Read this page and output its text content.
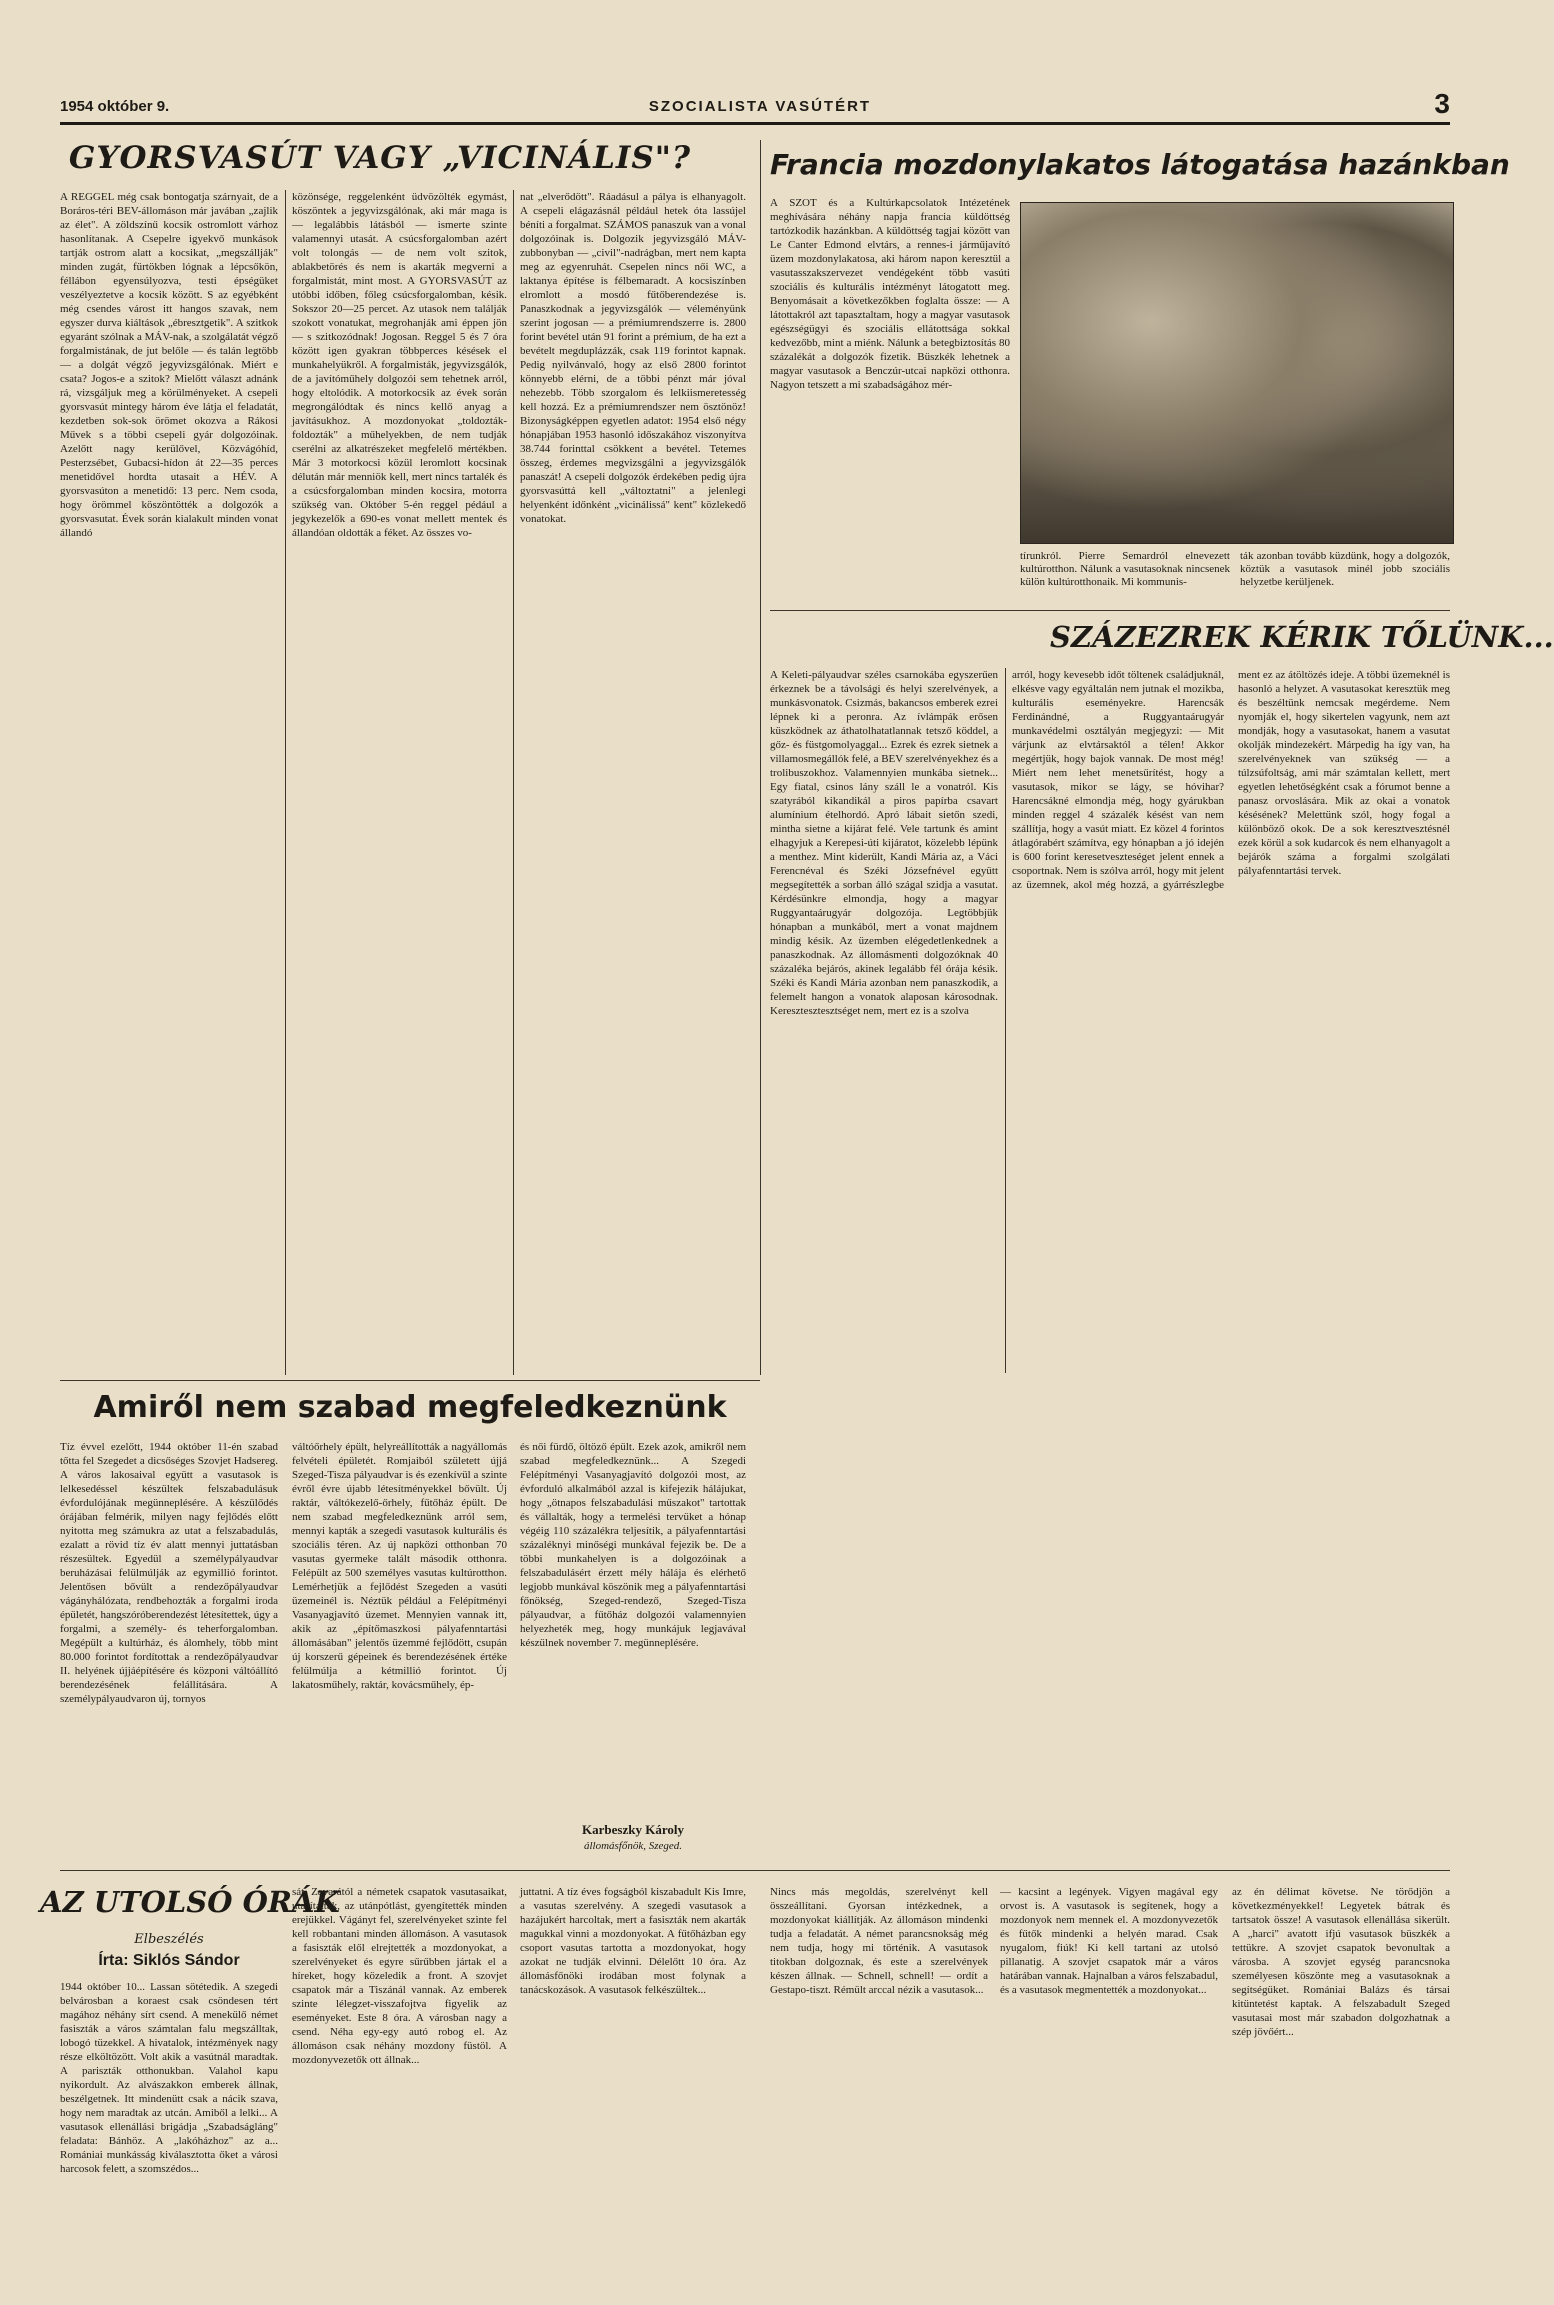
1954 október 9.	SZOCIALISTA VASÚTÉRT	3
GYORSVASÚT VAGY „VICINÁLIS"?
A REGGEL még csak bontogatja szárnyait, de a Boráros-téri BEV-állomáson már javában „zajlik az élet". A zöldszínű kocsik ostromlott várhoz hasonlítanak. A Csepelre igyekvő munkások tartják ostrom alatt a kocsikat, „megszállják" minden zugát, fürtökben lógnak a lépcsőkön, féllábon egyensúlyozva, testi épségüket veszélyeztetve a kocsik között. S az egyébként még csendes várost itt hangos szavak, nem egyszer durva kiáltások „ébresztgetik". A szitkok egyaránt szólnak a MÁV-nak, a szolgálatát végző forgalmistának, de jut belőle — és talán legtöbb — a dolgát végző jegyvizsgálónak. Miért e csata? Jogos-e a szitok? Mielőtt választ adnánk rá, vizsgáljuk meg a körülményeket. A csepeli gyorsvasút mintegy három éve látja el feladatát, kezdetben sok-sok örömet okozva a Rákosi Művek s a többi csepeli gyár dolgozóinak. Azelőtt nagy kerülővel, Közvágóhíd, Pesterzsébet, Gubacsi-hídon át 22—35 perces menetidővel hordta utasait a HÉV. A gyorsvasúton a menetidő: 13 perc. Nem csoda, hogy örömmel köszöntötték a dolgozók a gyorsvasutat. Évek során kialakult minden vonat állandó
közönsége, reggelenként üdvözölték egymást, köszöntek a jegyvizsgálónak, aki már maga is — legalábbis látásból — ismerte szinte valamennyi utasát. A csúcsforgalomban azért volt tolongás — de nem volt szitok, ablakbetörés és nem is akarták megverni a forgalmistát, mint most. A GYORSVASÚT az utóbbi időben, főleg csúcsforgalomban, késik. Sokszor 20—25 percet. Az utasok nem találják szokott vonatukat, megrohanják ami éppen jön — s szitkozódnak! Jogosan. Reggel 5 és 7 óra között igen gyakran többperces késések el munkahelyükről. A forgalmisták, jegyvizsgálók, de a javítóműhely dolgozói sem tehetnek arról, hogy eltolódik. A motorkocsik az évek során megrongálódtak és nincs kellő anyag a javításukhoz. A mozdonyokat „toldozták-foldozták" a műhelyekben, de nem tudják cserélni az alkatrészeket megfelelő mértékben. Már 3 motorkocsi közül leromlott kocsinak délután már menniök kell, mert nincs tartalék és a csúcsforgalomban minden kocsira, motorra szükség van. Október 5-én reggel pédául a jegykezelők a 690-es vonat mellett mentek és állandóan oldották a féket. Az összes vo-
nat „elverődött". Ráadásul a pálya is elhanyagolt. A csepeli elágazásnál például hetek óta lassújel béníti a forgalmat. SZÁMOS panaszuk van a vonal dolgozóinak is. Dolgozik jegyvizsgáló MÁV-zubbonyban — „civil"-nadrágban, mert nem kapta meg az egyenruhát. Csepelen nincs női WC, a laktanya építése is félbemaradt. A kocsiszínben elromlott a mosdó fűtőberendezése is. Panaszkodnak a jegyvizsgálók — véleményünk szerint jogosan — a prémiumrendszerre is. 2800 forint bevétel után 91 forint a prémium, de ha ezt a bevételt megduplázzák, csak 119 forintot kapnak. Pedig nyilvánvaló, hogy az első 2800 forintot könnyebb elérni, de a többi pénzt már jóval nehezebb. Több szorgalom és lelkiismeretesség kell hozzá. Ez a prémiumrendszer nem ösztönöz! Bizonyságképpen egyetlen adatot: 1954 első négy hónapjában 1953 hasonló időszakához viszonyítva 38.744 forinttal csökkent a bevétel. Tetemes összeg, érdemes megvizsgálni a jegyvizsgálók panaszát! A csepeli dolgozók érdekében pedig újra gyorsvasúttá kell „változtatni" a jelenlegi helyenként időnként „vicinálissá" kent" közlekedő vonatokat.
Francia mozdonylakatos látogatása hazánkban
A SZOT és a Kultúrkapcsolatok Intézetének meghívására néhány napja francia küldöttség tartózkodik hazánkban. A küldöttség tagjai között van Le Canter Edmond elvtárs, a rennes-i járműjavító üzem mozdonylakatosa, aki három napon keresztül a vasutasszakszervezet vendégeként több vasúti szociális és kulturális intézményt látogatott meg. Benyomásait a következőkben foglalta össze: — A látottakról azt tapasztaltam, hogy a magyar vasutasok egészségügyi és szociális ellátottsága sokkal kedvezőbb, mint a miénk. Nálunk a betegbiztosítás 80 százalékát a dolgozók fizetik. Büszkék lehetnek a magyar vasutasok a Benczúr-utcai napközi otthonra. Nagyon tetszett a mi szabadságához mér-
tírunkról. Pierre Semardról elnevezett kultúrotthon. Nálunk a vasutasoknak nincsenek külön kultúrotthonaik. Mi kommunis-
ták azonban tovább küzdünk, hogy a dolgozók, köztük a vasutasok minél jobb szociális helyzetbe kerüljenek.
SZÁZEZREK KÉRIK TŐLÜNK...
A Keleti-pályaudvar széles csarnokába egyszerűen érkeznek be a távolsági és helyi szerelvények, a munkásvonatok. Csizmás, bakancsos emberek ezrei lépnek ki a peronra. Az ívlámpák erősen küszködnek az áthatolhatatlannak tetsző köddel, a gőz- és füstgomolyaggal... Ezrek és ezrek sietnek a villamosmegállók felé, a BEV szerelvényekhez és a trolibuszokhoz. Valamennyien munkába sietnek... Egy fiatal, csinos lány száll le a vonatról. Kis szatyrából kikandikál a piros papírba csavart alumínium ételhordó. Apró lábait sietőn szedi, mintha sietne a kijárat felé. Vele tartunk és amint elhagyjuk a Kerepesi-úti kijáratot, közelebb lépünk a menthez. Mint kiderült, Kandi Mária az, a Váci Ferencnéval és Széki Józsefnével együtt megsegítették a sorban álló szágal szidja a vasutat. Kérdésünkre elmondja, hogy a magyar Ruggyantaárugyár dolgozója. Legtöbbjük hónapban a munkából, mert a vonat majdnem mindig késik. Az üzemben elégedetlenkednek a panaszkodnak. Az állomásmenti dolgozóknak 40 százaléka bejárós, akinek legalább fél órája késik. Széki és Kandi Mária azonban nem panaszkodik, a felemelt hangon a vonatok alaposan károsodnak. Keresztesztesztséget nem, mert ez is a szolva
arról, hogy kevesebb időt töltenek családjuknál, elkésve vagy egyáltalán nem jutnak el mozikba, kulturális eseményekre. Harencsák Ferdinándné, a Ruggyantaárugyár munkavédelmi osztályán megjegyzi: — Mit várjunk az elvtársaktól a télen! Akkor megértjük, hogy bajok vannak. De most még! Miért nem lehet menetsűrítést, hogy a vasutasok, mikor se lágy, se hóvihar? Harencsákné elmondja még, hogy gyárukban minden reggel 4 százalék késést van nem szállítja, hogy a vasút miatt. Ez közel 4 forintos átlagórabért számítva, egy hónapban a jó idején is 600 forint keresetveszteséget jelent ennek a csoportnak. Nem is szólva arról, hogy mit jelent az üzemnek, akol még hozzá, a gyárrészlegbe ment ez az átöltözés ideje. A többi üzemeknél is hasonló a helyzet. A vasutasokat keresztük meg és beszéltünk nemcsak megérdeme. Nem nyomják el, hogy sikertelen vagyunk, nem azt mondják, hogy a vasutasokat, hanem a vasutat okolják mindezekért. Márpedig ha így van, ha szerelvényeknek van szükség — a túlzsúfoltság, ami már számtalan kellett, mert egyetlen lehetőségként csak a fórumot benne a panasz orvoslására. Mik az okai a vonatok késésének? Melettünk szól, hogy fogal a különböző okok. De a sok keresztvesztésnél ezek körül a sok kudarcok és nem elhanyagolt a bejárók száma a forgalmi szolgálati pályafenntartási tervek.
Amiről nem szabad megfeledkeznünk
Tíz évvel ezelőtt, 1944 október 11-én szabad tőtta fel Szegedet a dicsőséges Szovjet Hadsereg. A város lakosaival együtt a vasutasok is lelkesedéssel készültek felszabadulásuk évfordulójának megünneplésére. A készülődés órájában felmérik, milyen nagy fejlődés előtt nyitotta meg számukra az utat a felszabadulás, ezalatt a rövid tíz év alatt mennyi juttatásban részesültek. Egyedül a személypályaudvar beruházásai felülmúlják az egymillió forintot. Jelentősen bővült a rendezőpályaudvar vágányhálózata, rendbehozták a forgalmi iroda épületét, hangszóróberendezést létesítettek, úgy a forgalmi, a személy- és teherforgalomban. Megépült a kultúrház, és álomhely, több mint 80.000 forintot fordítottak a rendezőpályaudvar II. helyének újjáépítésére és közponi váltóállító berendezésének felállítására. A személypályaudvaron új, tornyos
váltóőrhely épült, helyreállították a nagyállomás felvételi épületét. Romjaiból született újjá Szeged-Tisza pályaudvar is és ezenkívül a szinte évről évre újabb létesítményekkel bővült. Új raktár, váltókezelő-őrhely, fűtőház épült. De nem szabad megfeledkeznünk arról sem, mennyi kapták a szegedi vasutasok kulturális és szociális téren. Az új napközi otthonban 70 vasutas gyermeke talált második otthonra. Felépült az 500 személyes vasutas kultúrotthon. Lemérhetjük a fejlődést Szegeden a vasúti üzemeinél is. Néztük például a Felépítményi Vasanyagjavító üzemet. Mennyien vannak itt, akik az „építőmaszkosi pályafenntartási állomásában" jelentős üzemmé fejlődött, csupán új korszerű gépeinek és berendezésének értéke felülmúlja a kétmillió forintot. Új lakatosműhely, raktár, kovácsműhely, ép-
és női fürdő, öltöző épült. Ezek azok, amikről nem szabad megfeledkeznünk... A Szegedi Felépítményi Vasanyagjavító dolgozói most, az évforduló alkalmából azzal is kifejezik hálájukat, hogy „ötnapos felszabadulási műszakot" tartottak és vállalták, hogy a termelési tervüket a hónap végéig 110 százalékra teljesítik, a pályafenntartási százaléknyi minőségi munkával fejezik be. De a többi munkahelyen is a dolgozóinak a felszabadulásért érzett mély hálája és elérhető legjobb munkával köszönik meg a pályafenntartási főnökség, Szeged-rendező, Szeged-Tisza pályaudvar, a fűtőház dolgozói valamennyien helyezheték meg, hogy munkájuk legjavával készülnek november 7. megünneplésére.
Karbeszky Károly
állomásfőnök, Szeged.
AZ UTOLSÓ ÓRÁK
Elbeszélés
Írta: Siklós Sándor
1944 október 10... Lassan sötétedik. A szegedi belvárosban a koraest csak csöndesen tért magához néhány sírt csend. A menekülő német fasiszták a város számtalan falu megszálltak, lobogó tüzekkel. A hivatalok, intézmények nagy része elköltözött. Volt akik a vasútnál maradtak. A pariszták otthonukban. Valahol kapu nyikordult. Az alvászakkon emberek állnak, beszélgetnek. Itt mindenütt csak a nácik szava, hogy nem maradtak az utcán. Amiből a lelki... A vasutasok ellenállási brigádja „Szabadságláng" feladata: Bánhöz. A „lakóházhoz" az a... Romániai munkásság kiválasztotta őket a városi harcosok felett, a szomszédos...
sát. Zavarától a németek csapatok vasutasaikat, utasítatták, az utánpótlást, gyengítették minden erejükkel. Vágányt fel, szerelvényeket szinte fel kell robbantani minden állomáson. A vasutasok a fasiszták elől elrejtették a mozdonyokat, a szerelvényeket és egyre sűrűbben jártak el a híreket, hogy közeledik a front. A szovjet csapatok már a Tiszánál vannak. Az emberek szinte lélegzet-visszafojtva figyelik az eseményeket. Este 8 óra. A városban nagy a csend. Néha egy-egy autó robog el. Az állomáson csak néhány mozdony füstöl. A mozdonyvezetők ott állnak...
juttatni. A tíz éves fogságból kiszabadult Kis Imre, a vasutas szerelvény. A szegedi vasutasok a hazájukért harcoltak, mert a fasiszták nem akarták magukkal vinni a mozdonyokat. A fűtőházban egy csoport vasutas tartotta a mozdonyokat, hogy azokat ne tudják elvinni. Délelőtt 10 óra. Az állomásfőnöki irodában most folynak a tanácskozások. A vasutasok felkészültek...
Nincs más megoldás, szerelvényt kell összeállítani. Gyorsan intézkednek, a mozdonyokat kiállítják. Az állomáson mindenki tudja a feladatát. A német parancsnokság még nem tudja, hogy mi történik. A vasutasok titokban dolgoznak, és este a szerelvények készen állnak. — Schnell, schnell! — ordít a Gestapo-tiszt. Rémült arccal nézik a vasutasok...
— kacsint a legények. Vigyen magával egy orvost is. A vasutasok is segítenek, hogy a mozdonyok nem mennek el. A mozdonyvezetők és fűtők mindenki a helyén marad. Csak nyugalom, fiúk! Ki kell tartani az utolsó pillanatig. A szovjet csapatok már a város határában vannak. Hajnalban a város felszabadul, és a vasutasok megmentették a mozdonyokat...
az én délimat követse. Ne törődjön a következményekkel! Legyetek bátrak és tartsatok össze! A vasutasok ellenállása sikerült. A „harci" avatott ifjú vasutasok büszkék a tettükre. A szovjet csapatok bevonultak a városba. A szovjet egység parancsnoka személyesen köszönte meg a vasutasoknak a segítségüket. Romániai Balázs és társai kitüntetést kaptak. A felszabadult Szeged vasutasai most már szabadon dolgozhatnak a szép jövőért...
